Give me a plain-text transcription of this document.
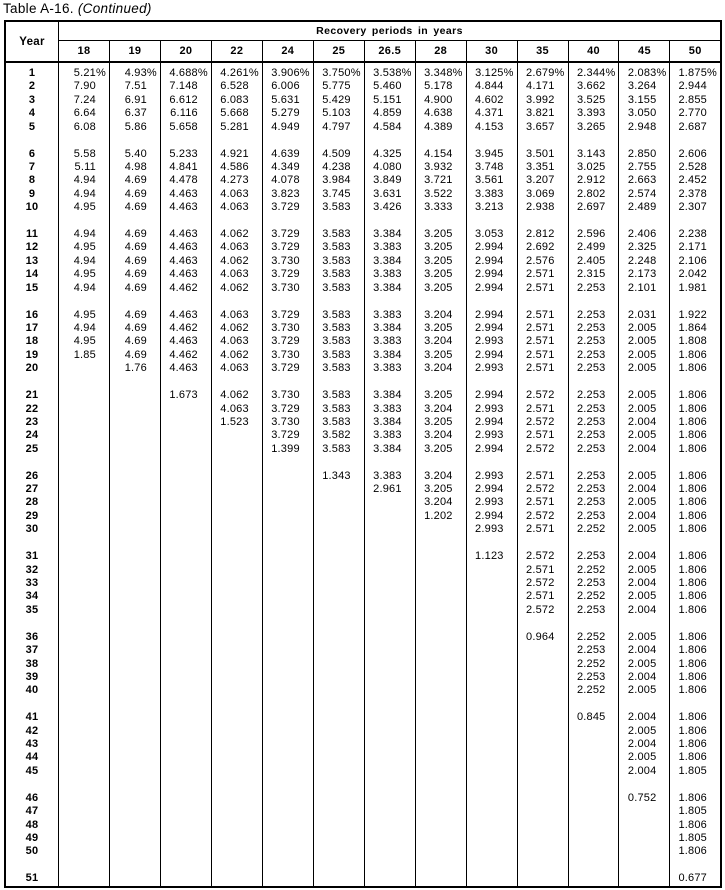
Table A-16. (Continued)
Year	Recovery periods in years												
	18	19	20	22	24	25	26.5	28	30	35	40	45	50

1	5.21%	4.93%	4.688%	4.261%	3.906%	3.750%	3.538%	3.348%	3.125%	2.679%	2.344%	2.083%	1.875%
2	7.90	7.51	7.148	6.528	6.006	5.775	5.460	5.178	4.844	4.171	3.662	3.264	2.944
3	7.24	6.91	6.612	6.083	5.631	5.429	5.151	4.900	4.602	3.992	3.525	3.155	2.855
4	6.64	6.37	6.116	5.668	5.279	5.103	4.859	4.638	4.371	3.821	3.393	3.050	2.770
5	6.08	5.86	5.658	5.281	4.949	4.797	4.584	4.389	4.153	3.657	3.265	2.948	2.687

6	5.58	5.40	5.233	4.921	4.639	4.509	4.325	4.154	3.945	3.501	3.143	2.850	2.606
7	5.11	4.98	4.841	4.586	4.349	4.238	4.080	3.932	3.748	3.351	3.025	2.755	2.528
8	4.94	4.69	4.478	4.273	4.078	3.984	3.849	3.721	3.561	3.207	2.912	2.663	2.452
9	4.94	4.69	4.463	4.063	3.823	3.745	3.631	3.522	3.383	3.069	2.802	2.574	2.378
10	4.95	4.69	4.463	4.063	3.729	3.583	3.426	3.333	3.213	2.938	2.697	2.489	2.307

11	4.94	4.69	4.463	4.062	3.729	3.583	3.384	3.205	3.053	2.812	2.596	2.406	2.238
12	4.95	4.69	4.463	4.063	3.729	3.583	3.383	3.205	2.994	2.692	2.499	2.325	2.171
13	4.94	4.69	4.463	4.062	3.730	3.583	3.384	3.205	2.994	2.576	2.405	2.248	2.106
14	4.95	4.69	4.463	4.063	3.729	3.583	3.383	3.205	2.994	2.571	2.315	2.173	2.042
15	4.94	4.69	4.462	4.062	3.730	3.583	3.384	3.205	2.994	2.571	2.253	2.101	1.981

16	4.95	4.69	4.463	4.063	3.729	3.583	3.383	3.204	2.994	2.571	2.253	2.031	1.922
17	4.94	4.69	4.462	4.062	3.730	3.583	3.384	3.205	2.994	2.571	2.253	2.005	1.864
18	4.95	4.69	4.463	4.063	3.729	3.583	3.383	3.204	2.993	2.571	2.253	2.005	1.808
19	1.85	4.69	4.462	4.062	3.730	3.583	3.384	3.205	2.994	2.571	2.253	2.005	1.806
20		1.76	4.463	4.063	3.729	3.583	3.383	3.204	2.993	2.571	2.253	2.005	1.806

21			1.673	4.062	3.730	3.583	3.384	3.205	2.994	2.572	2.253	2.005	1.806
22				4.063	3.729	3.583	3.383	3.204	2.993	2.571	2.253	2.005	1.806
23				1.523	3.730	3.583	3.384	3.205	2.994	2.572	2.253	2.004	1.806
24					3.729	3.582	3.383	3.204	2.993	2.571	2.253	2.005	1.806
25					1.399	3.583	3.384	3.205	2.994	2.572	2.253	2.004	1.806

26						1.343	3.383	3.204	2.993	2.571	2.253	2.005	1.806
27							2.961	3.205	2.994	2.572	2.253	2.004	1.806
28								3.204	2.993	2.571	2.253	2.005	1.806
29								1.202	2.994	2.572	2.253	2.004	1.806
30									2.993	2.571	2.252	2.005	1.806

31									1.123	2.572	2.253	2.004	1.806
32										2.571	2.252	2.005	1.806
33										2.572	2.253	2.004	1.806
34										2.571	2.252	2.005	1.806
35										2.572	2.253	2.004	1.806

36										0.964	2.252	2.005	1.806
37											2.253	2.004	1.806
38											2.252	2.005	1.806
39											2.253	2.004	1.806
40											2.252	2.005	1.806

41											0.845	2.004	1.806
42												2.005	1.806
43												2.004	1.806
44												2.005	1.806
45												2.004	1.805

46												0.752	1.806
47													1.805
48													1.806
49													1.805
50													1.806

51													0.677
